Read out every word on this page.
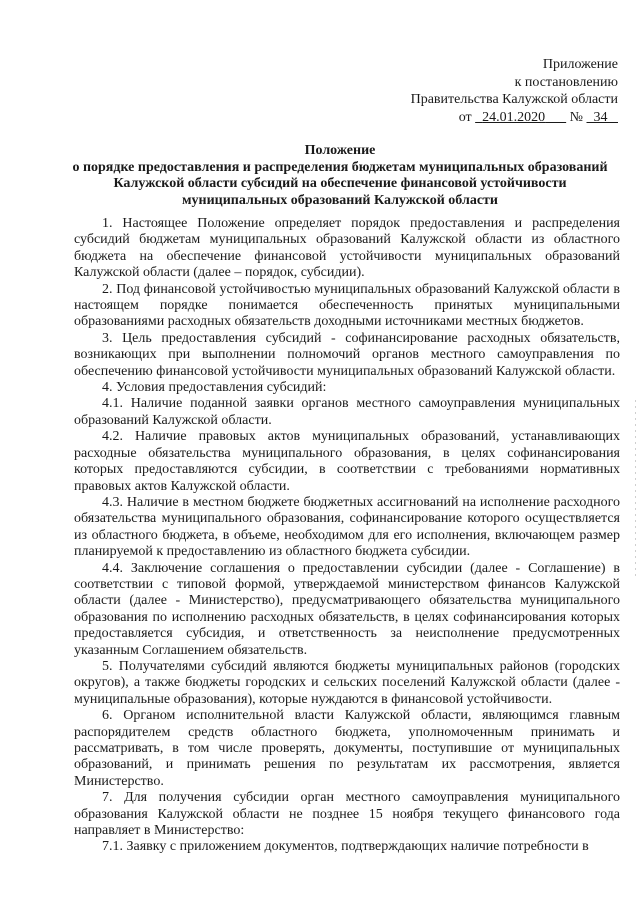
Приложение
к постановлению
Правительства Калужской области
от 24.01.2020 № 34
Положение
о порядке предоставления и распределения бюджетам муниципальных образований
Калужской области субсидий на обеспечение финансовой устойчивости
муниципальных образований Калужской области

1. Настоящее Положение определяет порядок предоставления и распределения субсидий бюджетам муниципальных образований Калужской области из областного бюджета на обеспечение финансовой устойчивости муниципальных образований Калужской области (далее – порядок, субсидии).

2. Под финансовой устойчивостью муниципальных образований Калужской области в настоящем порядке понимается обеспеченность принятых муниципальными образованиями расходных обязательств доходными источниками местных бюджетов.

3. Цель предоставления субсидий - софинансирование расходных обязательств, возникающих при выполнении полномочий органов местного самоуправления по обеспечению финансовой устойчивости муниципальных образований Калужской области.

4. Условия предоставления субсидий:

4.1. Наличие поданной заявки органов местного самоуправления муниципальных образований Калужской области.

4.2. Наличие правовых актов муниципальных образований, устанавливающих расходные обязательства муниципального образования, в целях софинансирования которых предоставляются субсидии, в соответствии с требованиями нормативных правовых актов Калужской области.

4.3. Наличие в местном бюджете бюджетных ассигнований на исполнение расходного обязательства муниципального образования, софинансирование которого осуществляется из областного бюджета, в объеме, необходимом для его исполнения, включающем размер планируемой к предоставлению из областного бюджета субсидии.

4.4. Заключение соглашения о предоставлении субсидии (далее - Соглашение) в соответствии с типовой формой, утверждаемой министерством финансов Калужской области (далее - Министерство), предусматривающего обязательства муниципального образования по исполнению расходных обязательств, в целях софинансирования которых предоставляется субсидия, и ответственность за неисполнение предусмотренных указанным Соглашением обязательств.

5. Получателями субсидий являются бюджеты муниципальных районов (городских округов), а также бюджеты городских и сельских поселений Калужской области (далее - муниципальные образования), которые нуждаются в финансовой устойчивости.

6. Органом исполнительной власти Калужской области, являющимся главным распорядителем средств областного бюджета, уполномоченным принимать и рассматривать, в том числе проверять, документы, поступившие от муниципальных образований, и принимать решения по результатам их рассмотрения, является Министерство.

7. Для получения субсидии орган местного самоуправления муниципального образования Калужской области не позднее 15 ноября текущего финансового года направляет в Министерство:

7.1. Заявку с приложением документов, подтверждающих наличие потребности в
